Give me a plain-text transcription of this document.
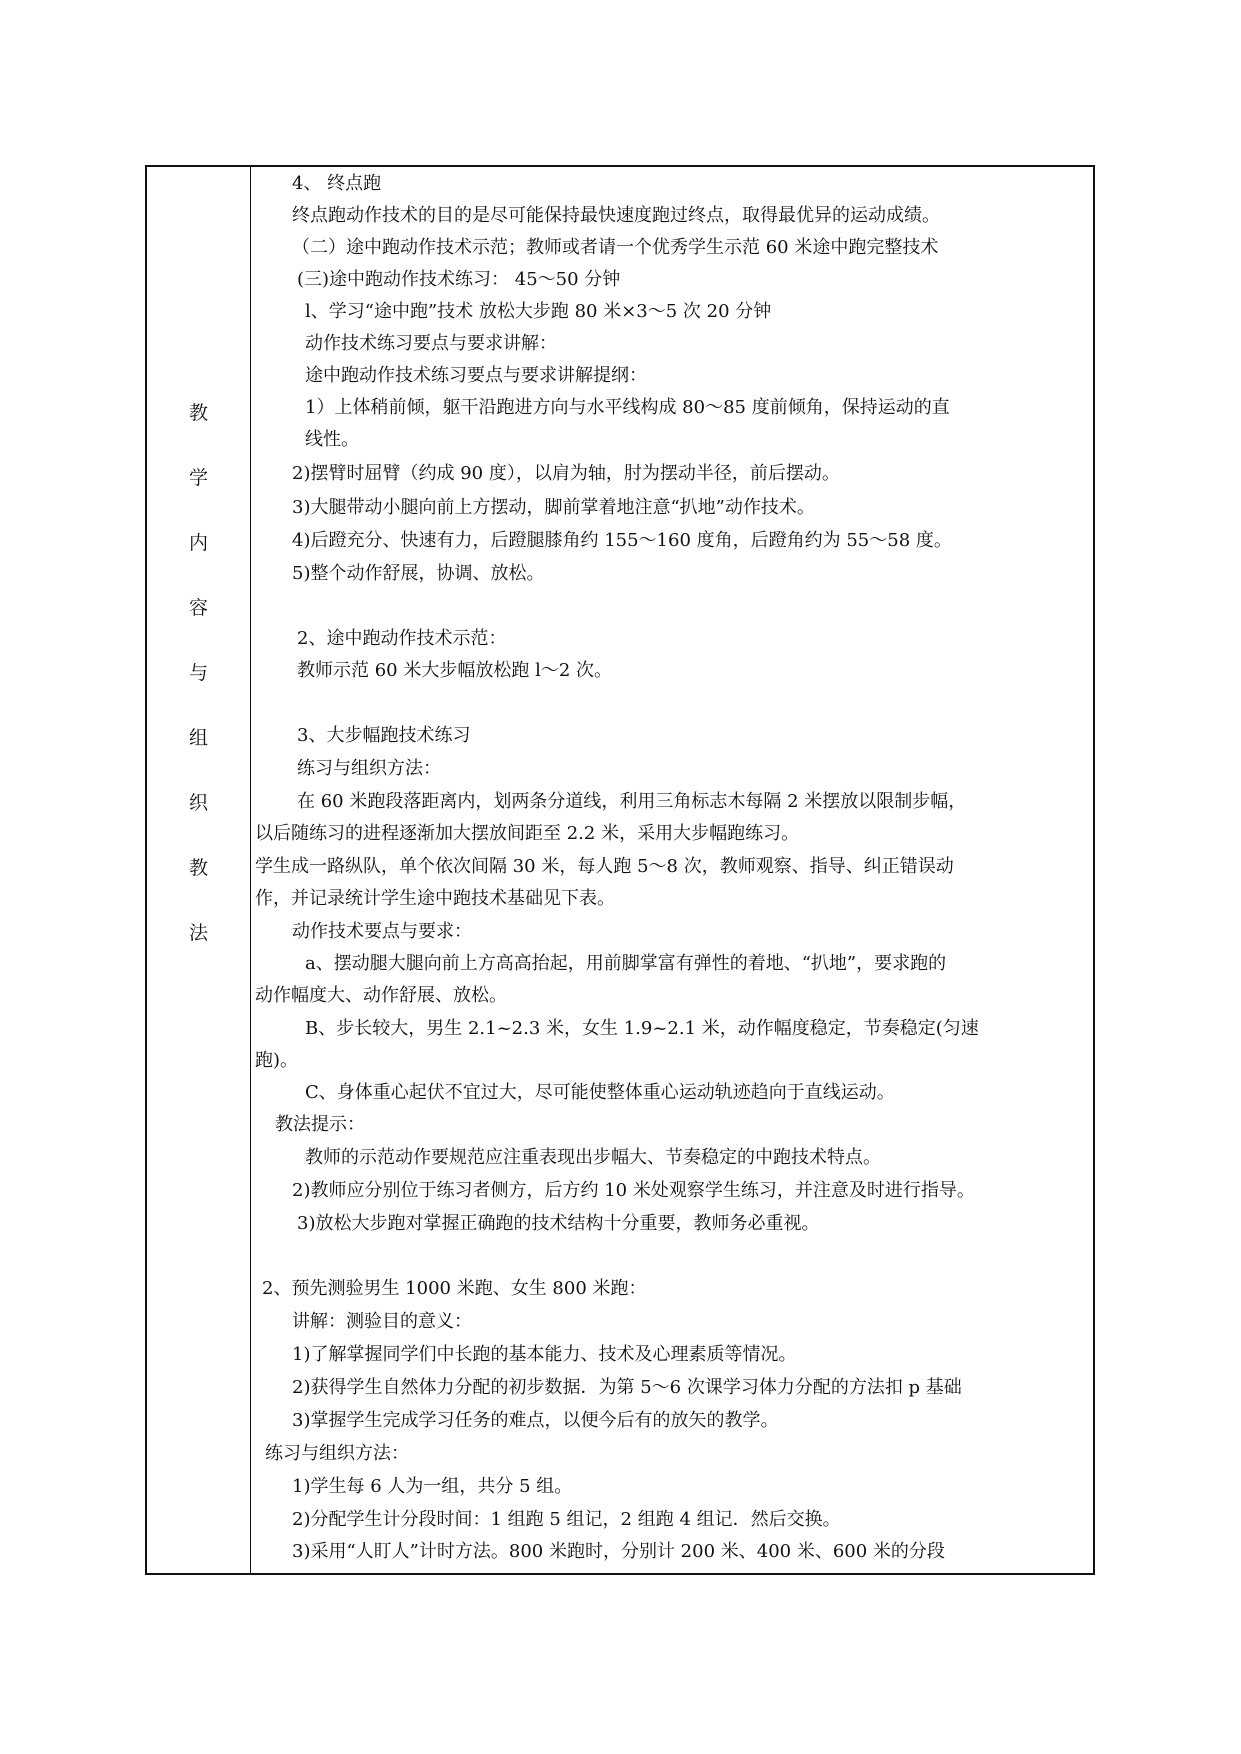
教
学
内
容
与
组
织
教
法
4、 终点跑
终点跑动作技术的目的是尽可能保持最快速度跑过终点，取得最优异的运动成绩。
（二）途中跑动作技术示范；教师或者请一个优秀学生示范 60 米途中跑完整技术
(三)途中跑动作技术练习： 45～50 分钟
l、学习“途中跑”技术 放松大步跑 80 米×3～5 次 20 分钟
动作技术练习要点与要求讲解：
途中跑动作技术练习要点与要求讲解提纲：
1）上体稍前倾，躯干沿跑进方向与水平线构成 80～85 度前倾角，保持运动的直
线性。
2)摆臂时屈臂（约成 90 度），以肩为轴，肘为摆动半径，前后摆动。
3)大腿带动小腿向前上方摆动，脚前掌着地注意“扒地”动作技术。
4)后蹬充分、快速有力，后蹬腿膝角约 155～160 度角，后蹬角约为 55～58 度。
5)整个动作舒展，协调、放松。
2、途中跑动作技术示范：
教师示范 60 米大步幅放松跑 l～2 次。
3、大步幅跑技术练习
练习与组织方法：
在 60 米跑段落距离内，划两条分道线，利用三角标志木每隔 2 米摆放以限制步幅，
以后随练习的进程逐渐加大摆放间距至 2.2 米，采用大步幅跑练习。
学生成一路纵队，单个依次间隔 30 米，每人跑 5～8 次，教师观察、指导、纠正错误动
作，并记录统计学生途中跑技术基础见下表。
动作技术要点与要求：
a、摆动腿大腿向前上方高高抬起，用前脚掌富有弹性的着地、“扒地”，要求跑的
动作幅度大、动作舒展、放松。
B、步长较大，男生 2.1~2.3 米，女生 1.9~2.1 米，动作幅度稳定，节奏稳定(匀速
跑)。
C、身体重心起伏不宜过大，尽可能使整体重心运动轨迹趋向于直线运动。
教法提示：
教师的示范动作要规范应注重表现出步幅大、节奏稳定的中跑技术特点。
2)教师应分别位于练习者侧方，后方约 10 米处观察学生练习，并注意及时进行指导。
3)放松大步跑对掌握正确跑的技术结构十分重要，教师务必重视。
2、预先测验男生 1000 米跑、女生 800 米跑：
讲解：测验目的意义：
1)了解掌握同学们中长跑的基本能力、技术及心理素质等情况。
2)获得学生自然体力分配的初步数据．为第 5～6 次课学习体力分配的方法扣 p 基础
3)掌握学生完成学习任务的难点，以便今后有的放矢的教学。
练习与组织方法：
1)学生每 6 人为一组，共分 5 组。
2)分配学生计分段时间：1 组跑 5 组记，2 组跑 4 组记．然后交换。
3)采用“人盯人”计时方法。800 米跑时，分别计 200 米、400 米、600 米的分段
